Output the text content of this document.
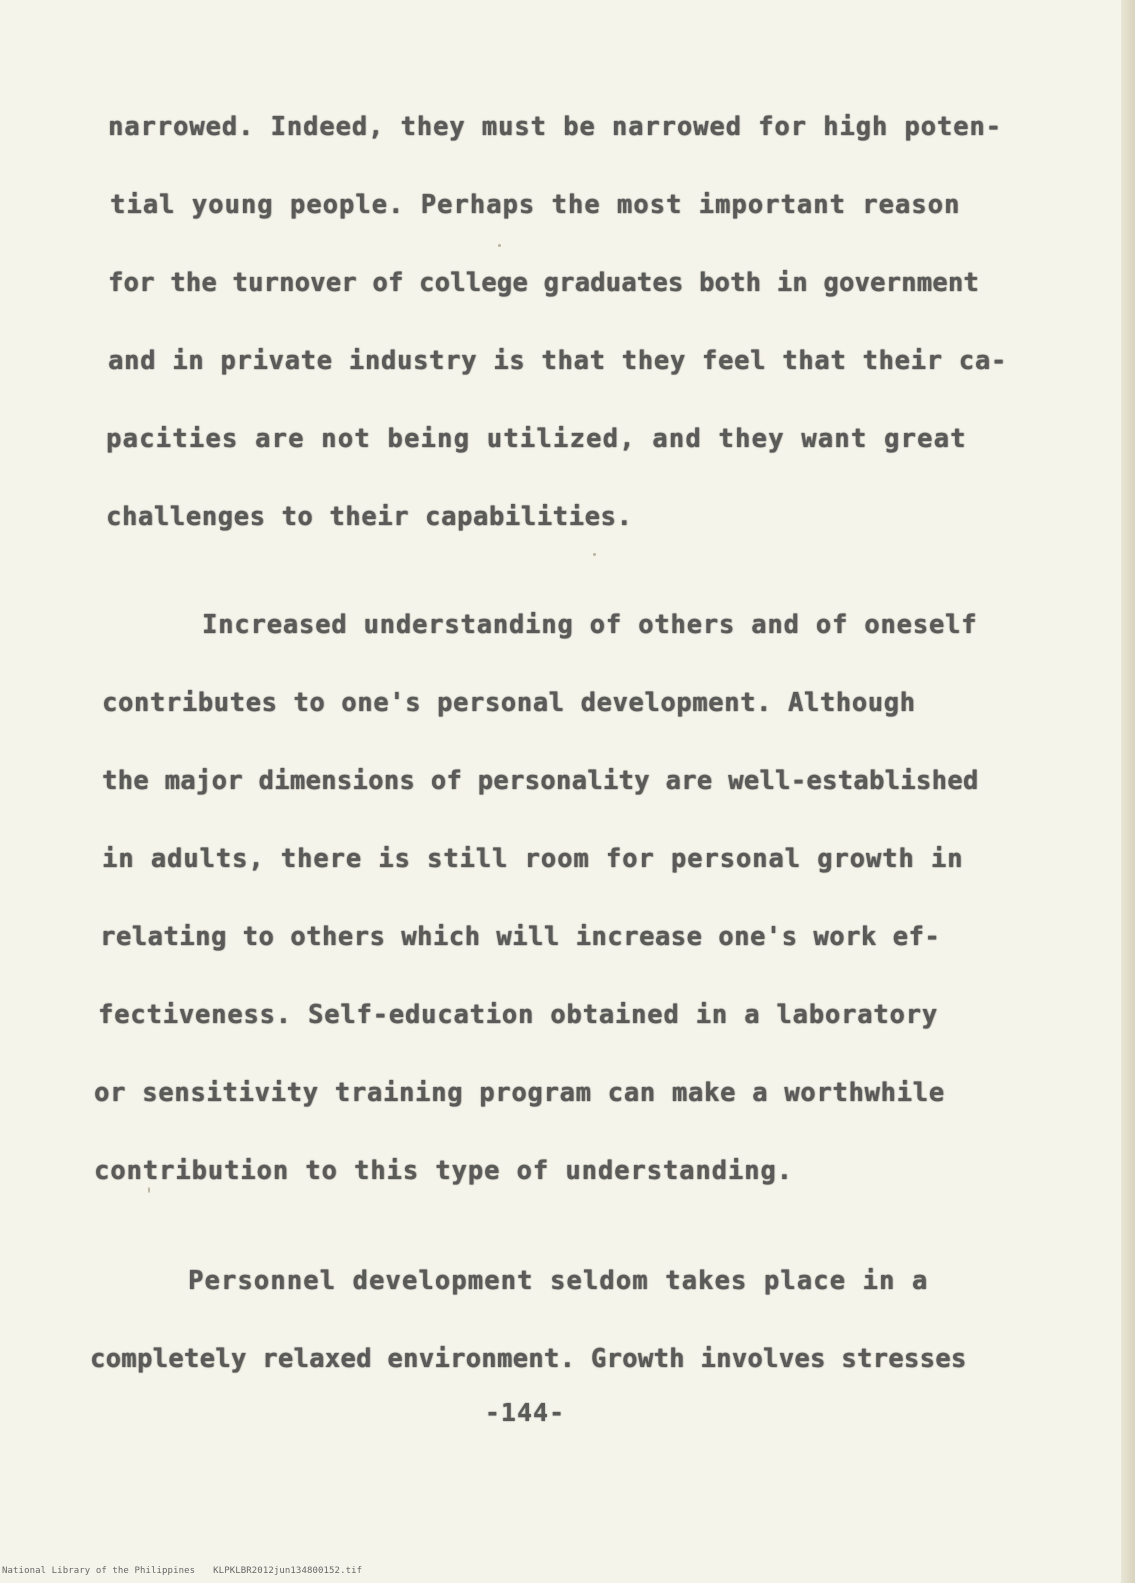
narrowed. Indeed, they must be narrowed for high poten-

tial young people. Perhaps the most important reason

for the turnover of college graduates both in government

and in private industry is that they feel that their ca-

pacities are not being utilized, and they want great

challenges to their capabilities.

Increased understanding of others and of oneself

contributes to one's personal development. Although

the major dimensions of personality are well-established

in adults, there is still room for personal growth in

relating to others which will increase one's work ef-

fectiveness. Self-education obtained in a laboratory

or sensitivity training program can make a worthwhile

contribution to this type of understanding.

Personnel development seldom takes place in a

completely relaxed environment. Growth involves stresses

-144-
National Library of the Philippines KLPKLBR2012jun134800152.tif
